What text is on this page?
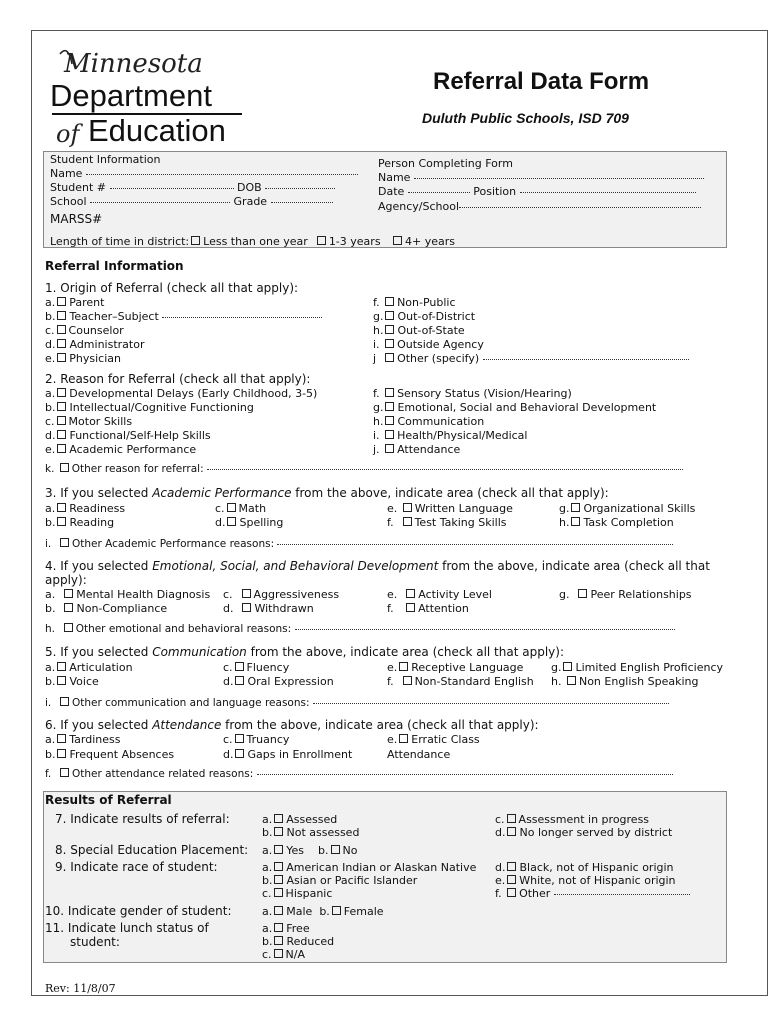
Minnesota
Department
of Education
Referral Data Form
Duluth Public Schools, ISD 709
Student Information
Name
Student #	DOB
School	Grade
MARSS#
Length of time in district: Less than one year 1-3 years 4+ years
Person Completing Form
Name
Date	Position
Agency/School
Referral Information
1. Origin of Referral (check all that apply):
a. Parent
b. Teacher–Subject
c. Counselor
d. Administrator
e. Physician
f. Non-Public
g. Out-of-District
h. Out-of-State
i. Outside Agency
j Other (specify)
2. Reason for Referral (check all that apply):
a. Developmental Delays (Early Childhood, 3-5)
b. Intellectual/Cognitive Functioning
c. Motor Skills
d. Functional/Self-Help Skills
e. Academic Performance
f. Sensory Status (Vision/Hearing)
g. Emotional, Social and Behavioral Development
h. Communication
i. Health/Physical/Medical
j. Attendance
k. Other reason for referral:
3. If you selected Academic Performance from the above, indicate area (check all that apply):
a. Readiness
b. Reading
c. Math
d. Spelling
e. Written Language
f. Test Taking Skills
g. Organizational Skills
h. Task Completion
i. Other Academic Performance reasons:
4. If you selected Emotional, Social, and Behavioral Development from the above, indicate area (check all that
apply):
a. Mental Health Diagnosis
b. Non-Compliance
c. Aggressiveness
d. Withdrawn
e. Activity Level
f. Attention
g. Peer Relationships
h. Other emotional and behavioral reasons:
5. If you selected Communication from the above, indicate area (check all that apply):
a. Articulation
b. Voice
c. Fluency
d. Oral Expression
e. Receptive Language
f. Non-Standard English
g. Limited English Proficiency
h. Non English Speaking
i. Other communication and language reasons:
6. If you selected Attendance from the above, indicate area (check all that apply):
a. Tardiness
b. Frequent Absences
c. Truancy
d. Gaps in Enrollment
e. Erratic Class
Attendance
f. Other attendance related reasons:
Results of Referral
7. Indicate results of referral:	a. Assessed
b. Not assessed
c. Assessment in progress
d. No longer served by district
8. Special Education Placement: a. Yes b. No
9. Indicate race of student:	a. American Indian or Alaskan Native
b. Asian or Pacific Islander
c. Hispanic
d. Black, not of Hispanic origin
e. White, not of Hispanic origin
f. Other
10. Indicate gender of student:	a. Male b. Female
11. Indicate lunch status of
student:
a. Free
b. Reduced
c. N/A
Rev: 11/8/07
